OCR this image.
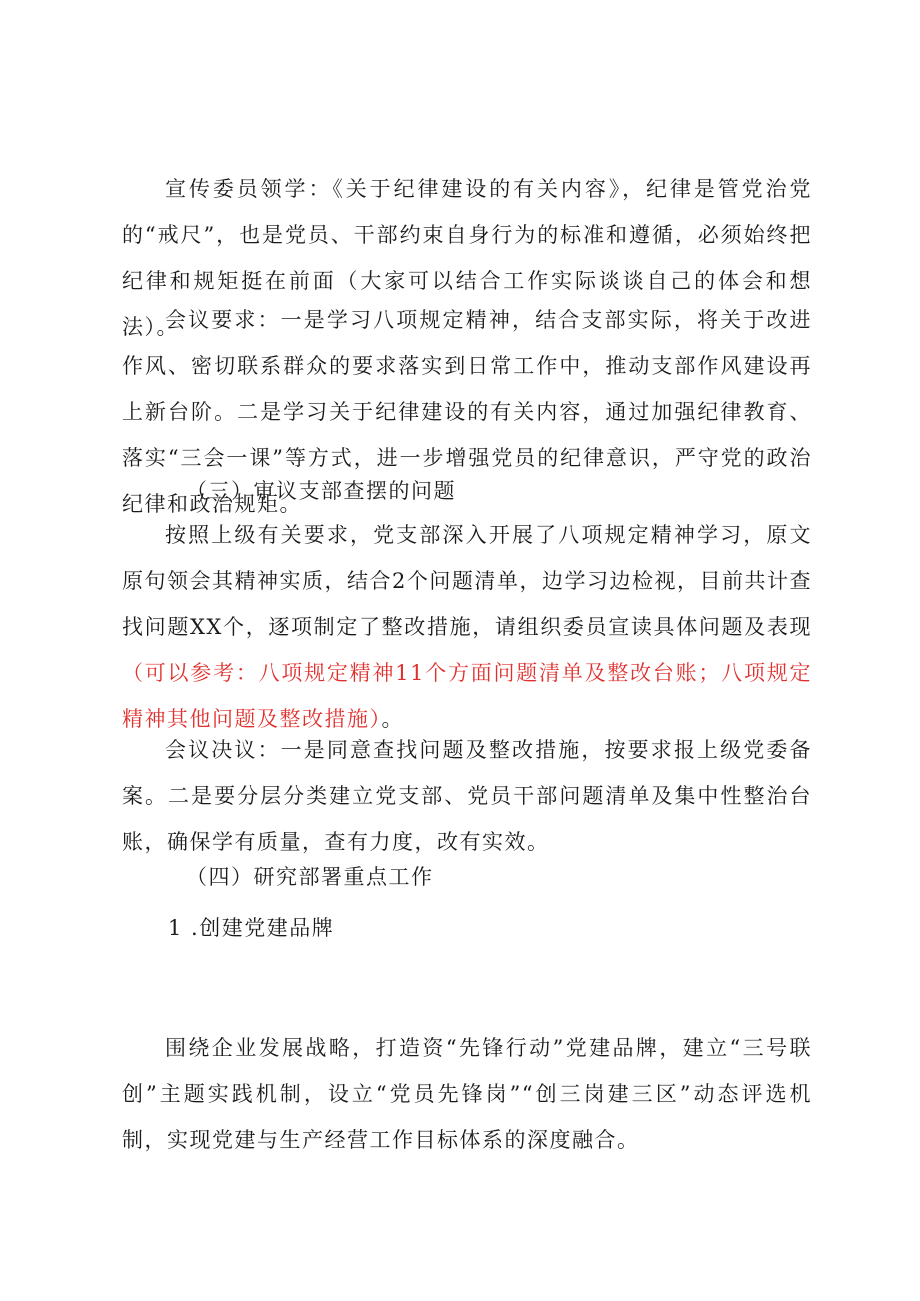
宣传委员领学：《关于纪律建设的有关内容》，纪律是管党治党的“戒尺”，也是党员、干部约束自身行为的标准和遵循，必须始终把纪律和规矩挺在前面（大家可以结合工作实际谈谈自己的体会和想法）。

会议要求：一是学习八项规定精神，结合支部实际，将关于改进作风、密切联系群众的要求落实到日常工作中，推动支部作风建设再上新台阶。二是学习关于纪律建设的有关内容，通过加强纪律教育、落实“三会一课”等方式，进一步增强党员的纪律意识，严守党的政治纪律和政治规矩。

（三）审议支部查摆的问题

按照上级有关要求，党支部深入开展了八项规定精神学习，原文原句领会其精神实质，结合2个问题清单，边学习边检视，目前共计查找问题XX个，逐项制定了整改措施，请组织委员宣读具体问题及表现（可以参考：八项规定精神11个方面问题清单及整改台账；八项规定精神其他问题及整改措施）。

会议决议：一是同意查找问题及整改措施，按要求报上级党委备案。二是要分层分类建立党支部、党员干部问题清单及集中性整治台账，确保学有质量，查有力度，改有实效。

（四）研究部署重点工作

1 .创建党建品牌

围绕企业发展战略，打造资“先锋行动”党建品牌，建立“三号联创”主题实践机制，设立“党员先锋岗”“创三岗建三区”动态评选机制，实现党建与生产经营工作目标体系的深度融合。
